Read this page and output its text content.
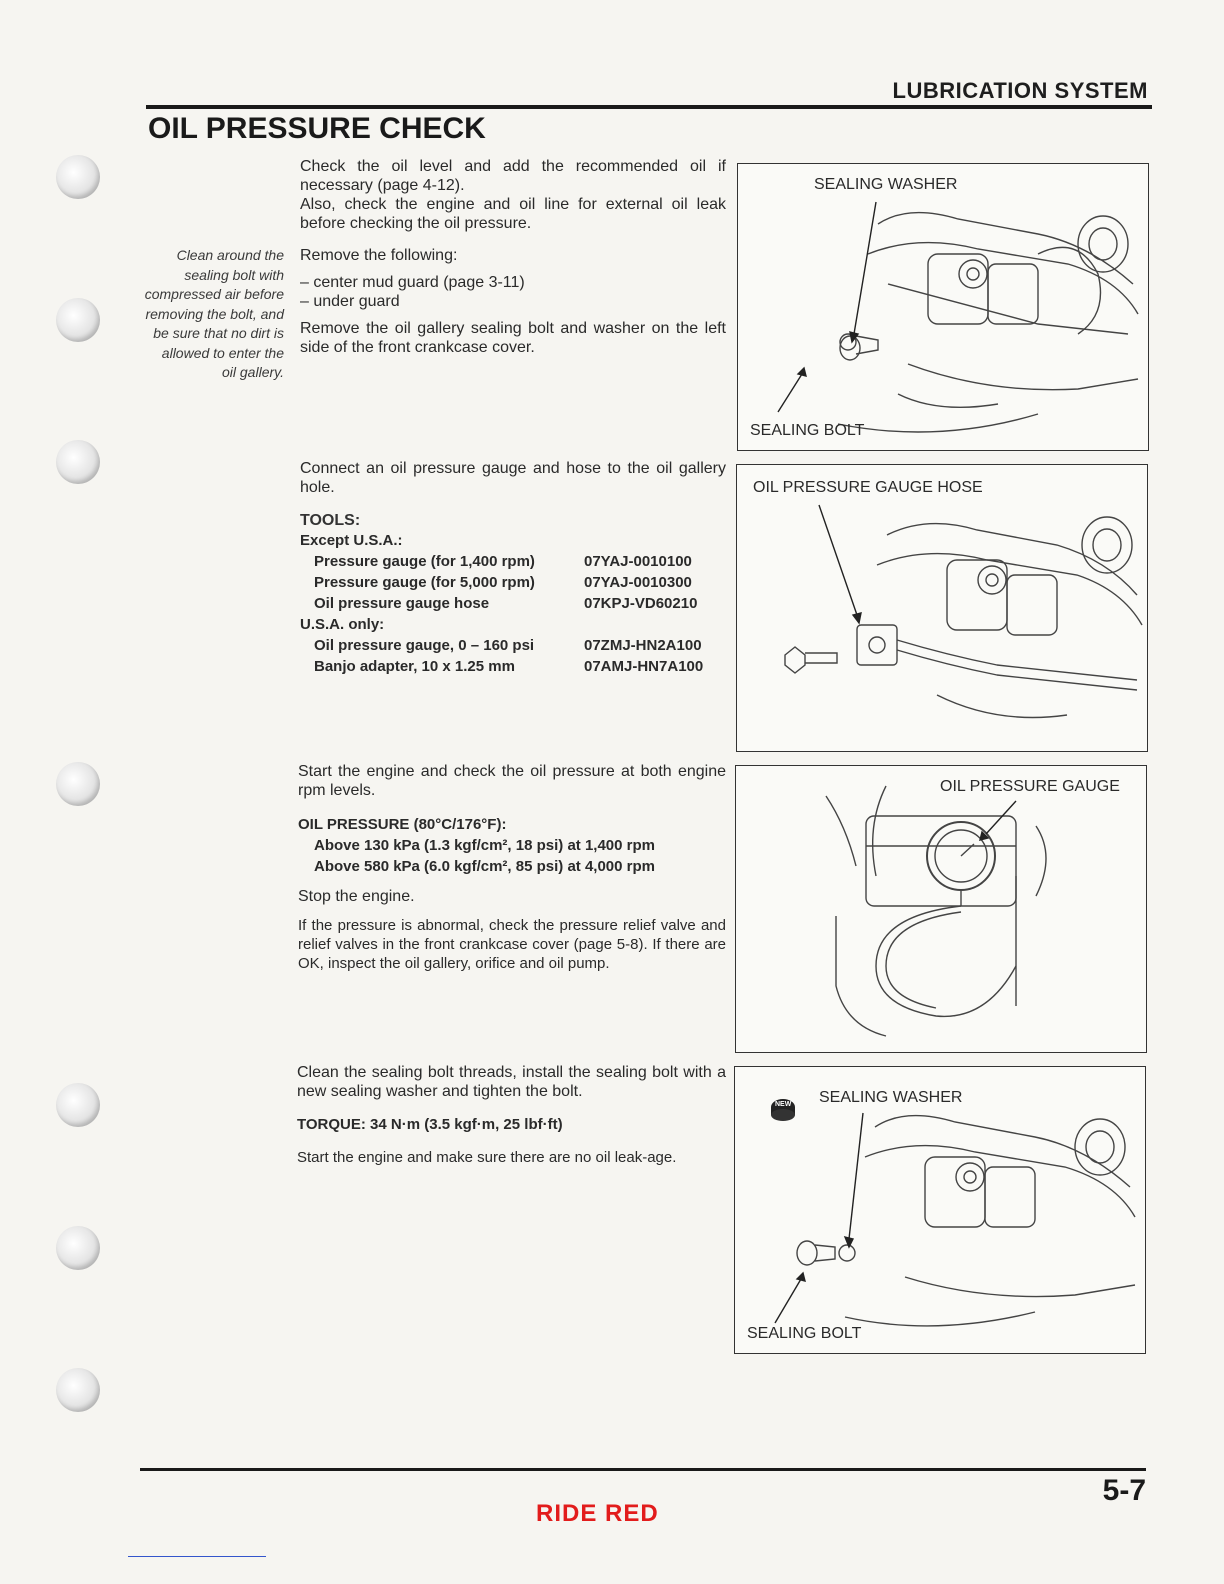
LUBRICATION SYSTEM
OIL PRESSURE CHECK

Check the oil level and add the recommended oil if necessary (page 4-12).

Also, check the engine and oil line for external oil leak before checking the oil pressure.

Clean around the sealing bolt with compressed air before removing the bolt, and be sure that no dirt is allowed to enter the oil gallery.

Remove the following:

– center mud guard (page 3-11)
– under guard

Remove the oil gallery sealing bolt and washer on the left side of the front crankcase cover.

Connect an oil pressure gauge and hose to the oil gallery hole.

TOOLS:

Except U.S.A.:

Pressure gauge (for 1,400 rpm)	07YAJ-0010100
Pressure gauge (for 5,000 rpm)	07YAJ-0010300
Oil pressure gauge hose	07KPJ-VD60210

U.S.A. only:

Oil pressure gauge, 0 – 160 psi	07ZMJ-HN2A100
Banjo adapter, 10 x 1.25 mm	07AMJ-HN7A100

Start the engine and check the oil pressure at both engine rpm levels.

OIL PRESSURE (80°C/176°F):

Above 130 kPa (1.3 kgf/cm², 18 psi) at 1,400 rpm

Above 580 kPa (6.0 kgf/cm², 85 psi) at 4,000 rpm

Stop the engine.

If the pressure is abnormal, check the pressure relief valve and relief valves in the front crankcase cover (page 5-8). If there are OK, inspect the oil gallery, orifice and oil pump.

Clean the sealing bolt threads, install the sealing bolt with a new sealing washer and tighten the bolt.

TORQUE: 34 N·m (3.5 kgf·m, 25 lbf·ft)

Start the engine and make sure there are no oil leak-age.

SEALING WASHER
SEALING BOLT
OIL PRESSURE GAUGE HOSE
OIL PRESSURE GAUGE
NEW SEALING WASHER
SEALING BOLT
5-7
RIDE RED
